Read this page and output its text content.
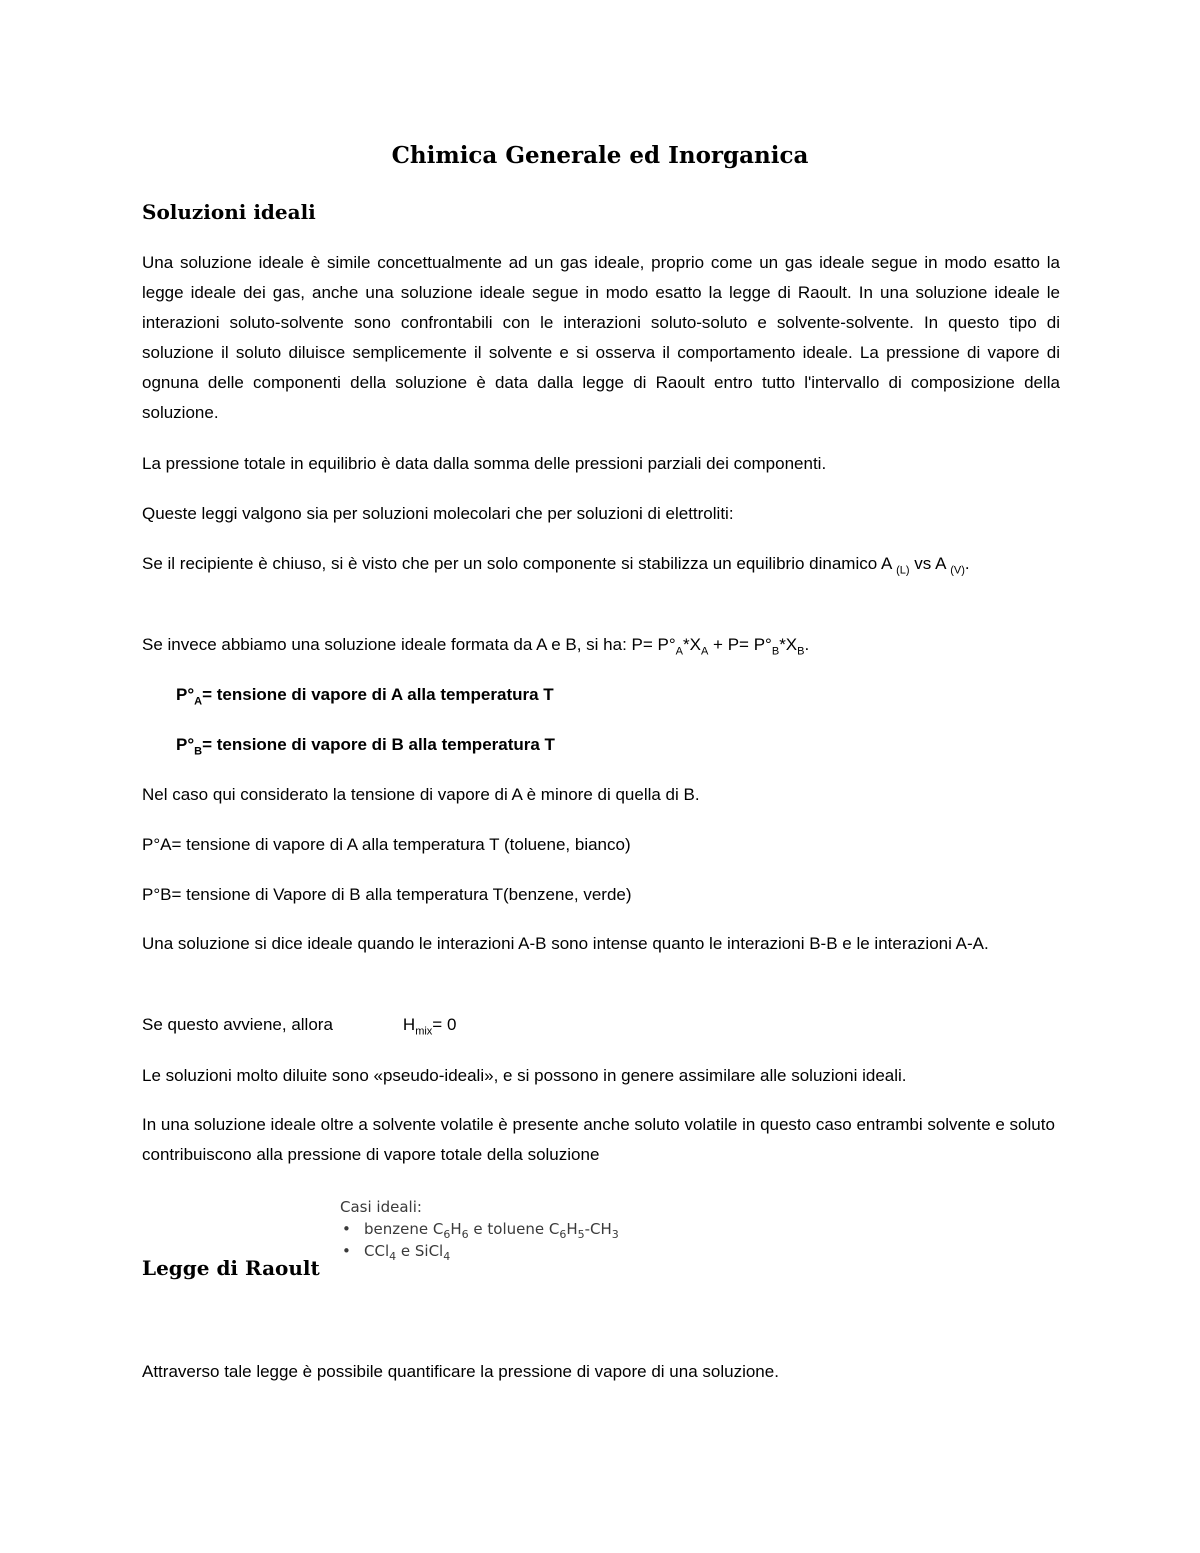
Chimica Generale ed Inorganica
Soluzioni ideali

Una soluzione ideale è simile concettualmente ad un gas ideale, proprio come un gas ideale segue in modo esatto la legge ideale dei gas, anche una soluzione ideale segue in modo esatto la legge di Raoult. In una soluzione ideale le interazioni soluto-solvente sono confrontabili con le interazioni soluto-soluto e solvente-solvente. In questo tipo di soluzione il soluto diluisce semplicemente il solvente e si osserva il comportamento ideale. La pressione di vapore di ognuna delle componenti della soluzione è data dalla legge di Raoult entro tutto l'intervallo di composizione della soluzione.

La pressione totale in equilibrio è data dalla somma delle pressioni parziali dei componenti.

Queste leggi valgono sia per soluzioni molecolari che per soluzioni di elettroliti:

Se il recipiente è chiuso, si è visto che per un solo componente si stabilizza un equilibrio dinamico A $_{(L)}$ vs A $_{(V)}$.

Se invece abbiamo una soluzione ideale formata da A e B, si ha: $P= P^\circ_A*X_A + P= P^\circ_B*X_B$.

$P^\circ_A=$ tensione di vapore di A alla temperatura T

$P^\circ_B=$ tensione di vapore di B alla temperatura T

Nel caso qui considerato la tensione di vapore di A è minore di quella di B.

P°A= tensione di vapore di A alla temperatura T (toluene, bianco)

P°B= tensione di Vapore di B alla temperatura T(benzene, verde)

Una soluzione si dice ideale quando le interazioni A-B sono intense quanto le interazioni B-B e le interazioni A-A.

Se questo avviene, allora	$H_{mix}= 0$

Le soluzioni molto diluite sono «pseudo-ideali», e si possono in genere assimilare alle soluzioni ideali.

In una soluzione ideale oltre a solvente volatile è presente anche soluto volatile in questo caso entrambi solvente e soluto contribuiscono alla pressione di vapore totale della soluzione

Casi ideali:
• benzene $C_6H_6$ e toluene $C_6H_5-CH_3$
• CCl$_4$ e SiCl$_4$
Legge di Raoult

Attraverso tale legge è possibile quantificare la pressione di vapore di una soluzione.
